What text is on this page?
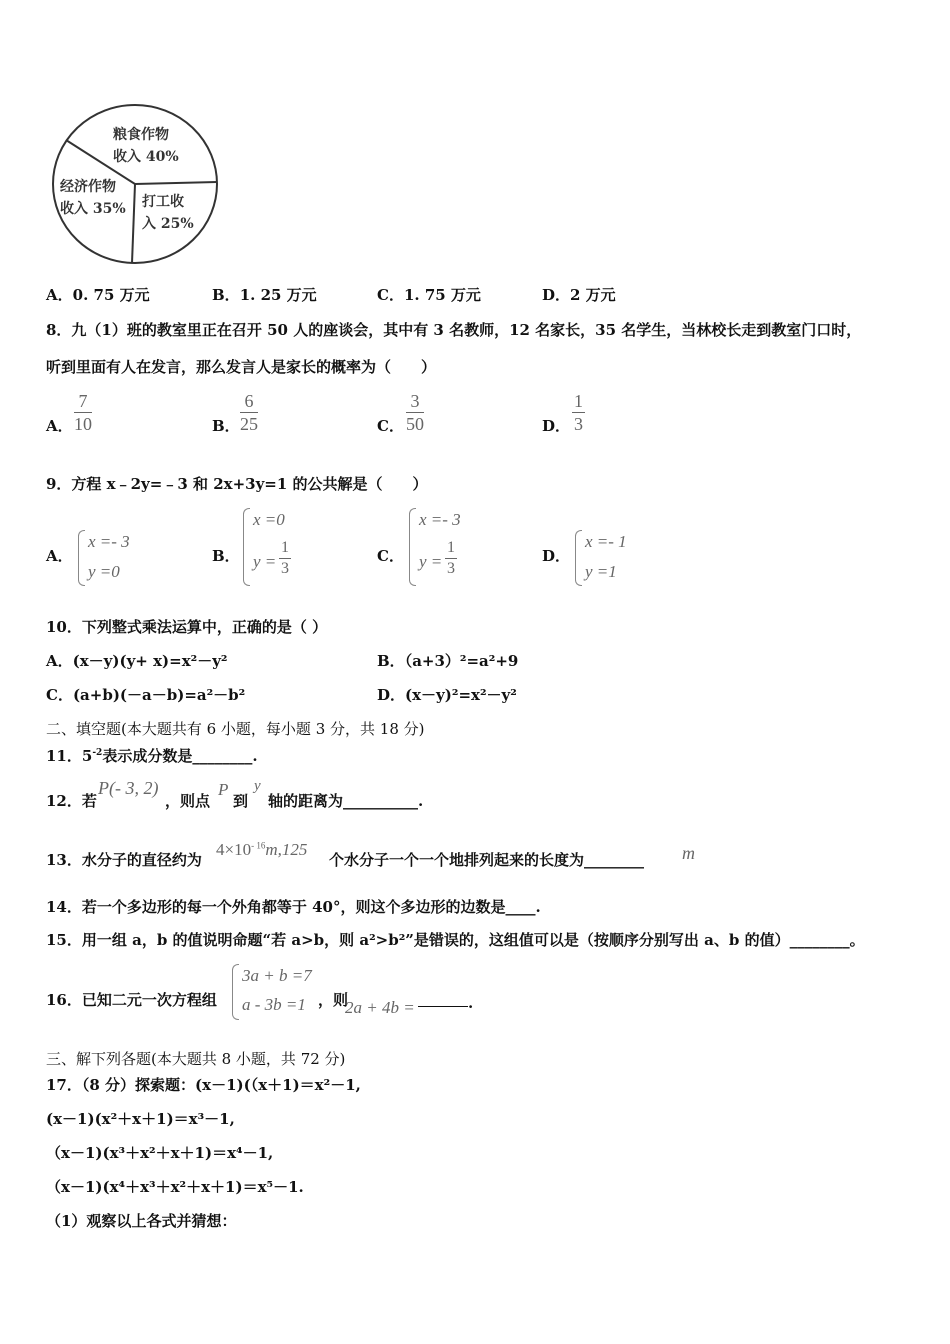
粮食作物
收入 40%
打工收
入 25%
经济作物
收入 35%
A．0. 75 万元	B．1. 25 万元	C．1. 75 万元	D．2 万元
8．九（1）班的教室里正在召开 50 人的座谈会，其中有 3 名教师，12 名家长，35 名学生，当林校长走到教室门口时，
听到里面有人在发言，那么发言人是家长的概率为（　　）
A． $\frac{7}{10}$	B． $\frac{6}{25}$	C． $\frac{3}{50}$	D． $\frac{1}{3}$
9．方程 x﹣2y=﹣3 和 2x+3y=1 的公共解是（　　）
A．
x =- 3
y =0
B．
x =0
$y = \frac{1}{3}$	C．
x =- 3
$y = \frac{1}{3}$	D．
x =- 1
y =1
10．下列整式乘法运算中，正确的是（ ）
A．(x－y)(y+ x)=x²－y²	B．（a+3）²=a²+9
C．(a+b)(－a－b)=a²－b²	D．(x－y)²=x²－y²
二、填空题(本大题共有 6 小题，每小题 3 分，共 18 分)
11．$5^{-2}$表示成分数是________.
12．若
P(- 3, 2)
，则点
P
到
y
轴的距离为__________.
13．水分子的直径约为
$4\times 10^{- 16}m,125$
个水分子一个一个地排列起来的长度为________ m
14．若一个多边形的每一个外角都等于 40°，则这个多边形的边数是____.
15．用一组 a，b 的值说明命题“若 a>b，则 a²>b²”是错误的，这组值可以是（按顺序分别写出 a、b 的值）________。
16．已知二元一次方程组
3a + b =7
a - 3b =1 ，则
2a + 4b =	.
三、解下列各题(本大题共 8 小题，共 72 分)
17．（8 分）探索题：(x－1)(（x＋1)＝x²－1,
(x－1)(x²＋x＋1)＝x³－1,
（x－1)(x³＋x²＋x＋1)＝x⁴－1,
（x－1)(x⁴＋x³＋x²＋x＋1)＝x⁵－1.
（1）观察以上各式并猜想：
